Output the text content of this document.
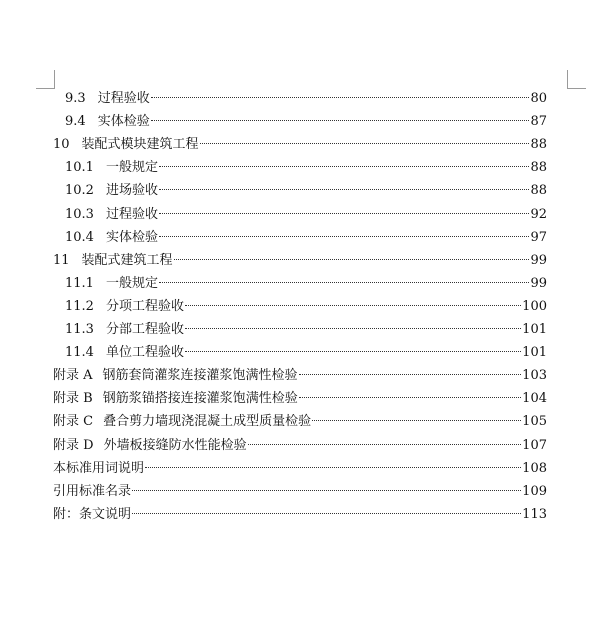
9.3 过程验收	80
9.4 实体检验	87
10 装配式模块建筑工程	88
10.1 一般规定	88
10.2 进场验收	88
10.3 过程验收	92
10.4 实体检验	97
11 装配式建筑工程	99
11.1 一般规定	99
11.2 分项工程验收	100
11.3 分部工程验收	101
11.4 单位工程验收	101
附录 A 钢筋套筒灌浆连接灌浆饱满性检验	103
附录 B 钢筋浆锚搭接连接灌浆饱满性检验	104
附录 C 叠合剪力墙现浇混凝土成型质量检验	105
附录 D 外墙板接缝防水性能检验	107
本标准用词说明	108
引用标准名录	109
附：条文说明	113
